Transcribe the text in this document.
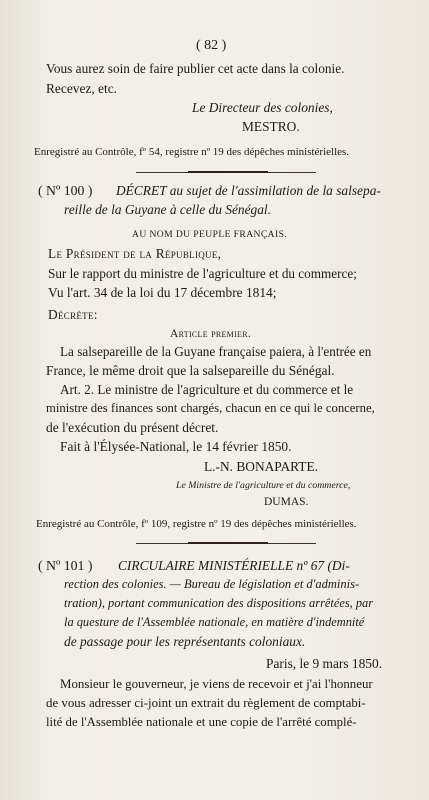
( 82 )
Vous aurez soin de faire publier cet acte dans la colonie.
Recevez, etc.
Le Directeur des colonies,
MESTRO.
Enregistré au Contrôle, fº 54, registre nº 19 des dépêches ministérielles.
( Nº 100 ) DÉCRET au sujet de l'assimilation de la salsepa-
reille de la Guyane à celle du Sénégal.
AU NOM DU PEUPLE FRANÇAIS.
Le Président de la République,
Sur le rapport du ministre de l'agriculture et du commerce;
Vu l'art. 34 de la loi du 17 décembre 1814;
Décrète:
Article premier.
La salsepareille de la Guyane française paiera, à l'entrée en
France, le même droit que la salsepareille du Sénégal.
Art. 2. Le ministre de l'agriculture et du commerce et le
ministre des finances sont chargés, chacun en ce qui le concerne,
de l'exécution du présent décret.
Fait à l'Élysée-National, le 14 février 1850.
L.-N. BONAPARTE.
Le Ministre de l'agriculture et du commerce,
DUMAS.
Enregistré au Contrôle, fº 109, registre nº 19 des dépêches ministérielles.
( Nº 101 ) CIRCULAIRE MINISTÉRIELLE nº 67 (Di-
rection des colonies. — Bureau de législation et d'adminis-
tration), portant communication des dispositions arrêtées, par
la questure de l'Assemblée nationale, en matière d'indemnité
de passage pour les représentants coloniaux.
Paris, le 9 mars 1850.
Monsieur le gouverneur, je viens de recevoir et j'ai l'honneur
de vous adresser ci-joint un extrait du règlement de comptabi-
lité de l'Assemblée nationale et une copie de l'arrêté complé-
